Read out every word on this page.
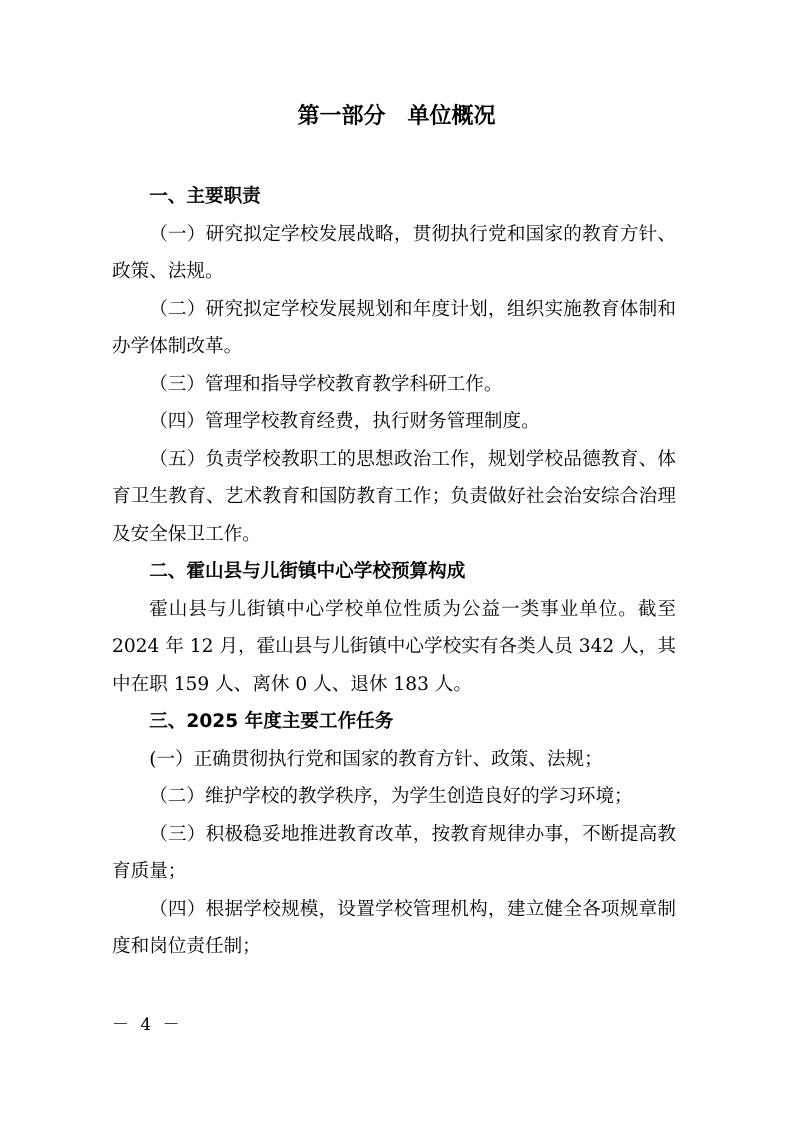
第一部分　单位概况

一、主要职责

（一）研究拟定学校发展战略，贯彻执行党和国家的教育方针、政策、法规。

（二）研究拟定学校发展规划和年度计划，组织实施教育体制和办学体制改革。

（三）管理和指导学校教育教学科研工作。

（四）管理学校教育经费，执行财务管理制度。

（五）负责学校教职工的思想政治工作，规划学校品德教育、体育卫生教育、艺术教育和国防教育工作；负责做好社会治安综合治理及安全保卫工作。

二、霍山县与儿街镇中心学校预算构成

霍山县与儿街镇中心学校单位性质为公益一类事业单位。截至 2024 年 12 月，霍山县与儿街镇中心学校实有各类人员 342 人，其中在职 159 人、离休 0 人、退休 183 人。

三、2025 年度主要工作任务

(一）正确贯彻执行党和国家的教育方针、政策、法规；

（二）维护学校的教学秩序，为学生创造良好的学习环境；

（三）积极稳妥地推进教育改革，按教育规律办事，不断提高教育质量；

（四）根据学校规模，设置学校管理机构，建立健全各项规章制度和岗位责任制；

－ 4 －
